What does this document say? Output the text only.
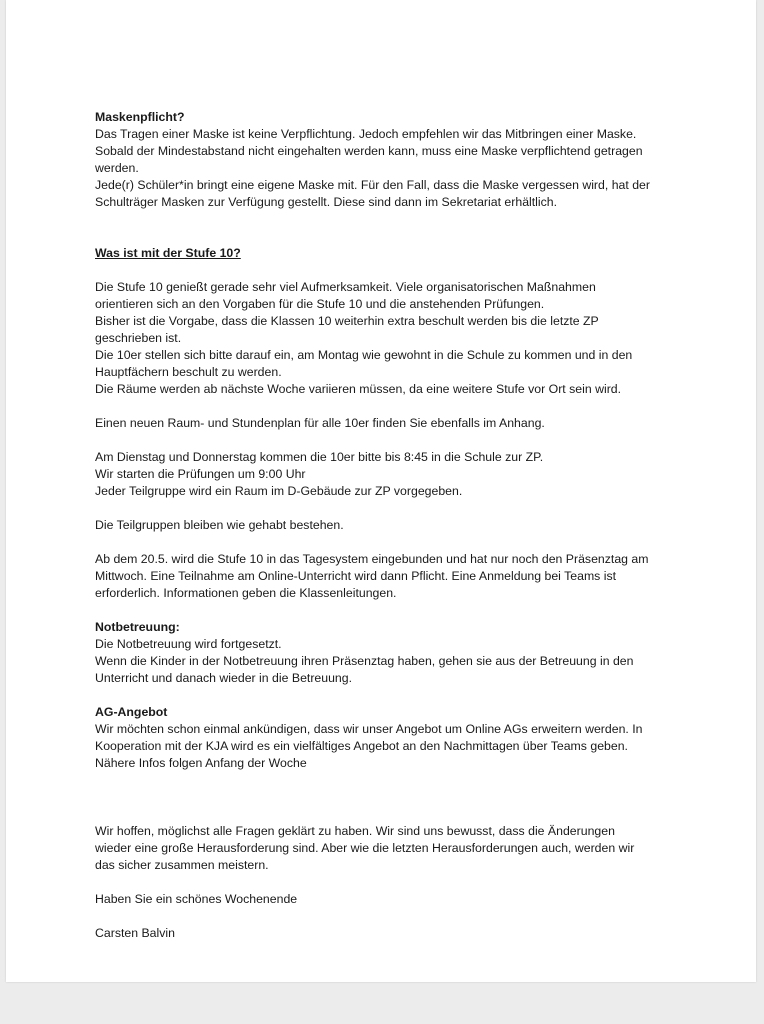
Maskenpflicht?

Das Tragen einer Maske ist keine Verpflichtung. Jedoch empfehlen wir das Mitbringen einer Maske.

Sobald der Mindestabstand nicht eingehalten werden kann, muss eine Maske verpflichtend getragen

werden.

Jede(r) Schüler*in bringt eine eigene Maske mit. Für den Fall, dass die Maske vergessen wird, hat der

Schulträger Masken zur Verfügung gestellt. Diese sind dann im Sekretariat erhältlich.

Was ist mit der Stufe 10?

Die Stufe 10 genießt gerade sehr viel Aufmerksamkeit. Viele organisatorischen Maßnahmen

orientieren sich an den Vorgaben für die Stufe 10 und die anstehenden Prüfungen.

Bisher ist die Vorgabe, dass die Klassen 10 weiterhin extra beschult werden bis die letzte ZP

geschrieben ist.

Die 10er stellen sich bitte darauf ein, am Montag wie gewohnt in die Schule zu kommen und in den

Hauptfächern beschult zu werden.

Die Räume werden ab nächste Woche variieren müssen, da eine weitere Stufe vor Ort sein wird.

Einen neuen Raum- und Stundenplan für alle 10er finden Sie ebenfalls im Anhang.

Am Dienstag und Donnerstag kommen die 10er bitte bis 8:45 in die Schule zur ZP.

Wir starten die Prüfungen um 9:00 Uhr

Jeder Teilgruppe wird ein Raum im D-Gebäude zur ZP vorgegeben.

Die Teilgruppen bleiben wie gehabt bestehen.

Ab dem 20.5. wird die Stufe 10 in das Tagesystem eingebunden und hat nur noch den Präsenztag am

Mittwoch. Eine Teilnahme am Online-Unterricht wird dann Pflicht. Eine Anmeldung bei Teams ist

erforderlich. Informationen geben die Klassenleitungen.

Notbetreuung:

Die Notbetreuung wird fortgesetzt.

Wenn die Kinder in der Notbetreuung ihren Präsenztag haben, gehen sie aus der Betreuung in den

Unterricht und danach wieder in die Betreuung.

AG-Angebot

Wir möchten schon einmal ankündigen, dass wir unser Angebot um Online AGs erweitern werden. In

Kooperation mit der KJA wird es ein vielfältiges Angebot an den Nachmittagen über Teams geben.

Nähere Infos folgen Anfang der Woche

Wir hoffen, möglichst alle Fragen geklärt zu haben. Wir sind uns bewusst, dass die Änderungen

wieder eine große Herausforderung sind. Aber wie die letzten Herausforderungen auch, werden wir

das sicher zusammen meistern.

Haben Sie ein schönes Wochenende

Carsten Balvin
